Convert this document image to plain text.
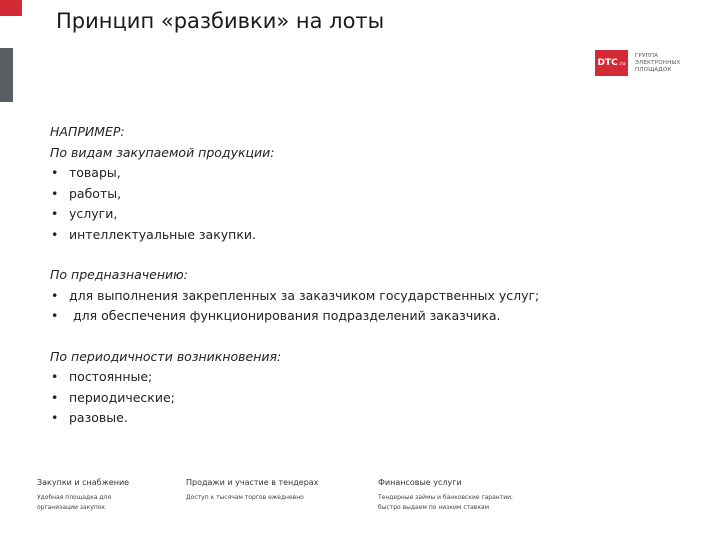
Принцип «разбивки» на лоты
DTC .ru
ГРУППА
ЭЛЕКТРОННЫХ
ПЛОЩАДОК
НАПРИМЕР:
По видам закупаемой продукции:
• товары,
• работы,
• услуги,
• интеллектуальные закупки.
По предназначению:
• для выполнения закрепленных за заказчиком государственных услуг;
• для обеспечения функционирования подразделений заказчика.
По периодичности возникновения:
• постоянные;
• периодические;
• разовые.
Закупки и снабжение
Удобная площадка для
организации закупок
Продажи и участие в тендерах
Доступ к тысячам торгов ежедневно
Финансовые услуги
Тендерные займы и банковские гарантии,
быстро выдаем по низким ставкам
